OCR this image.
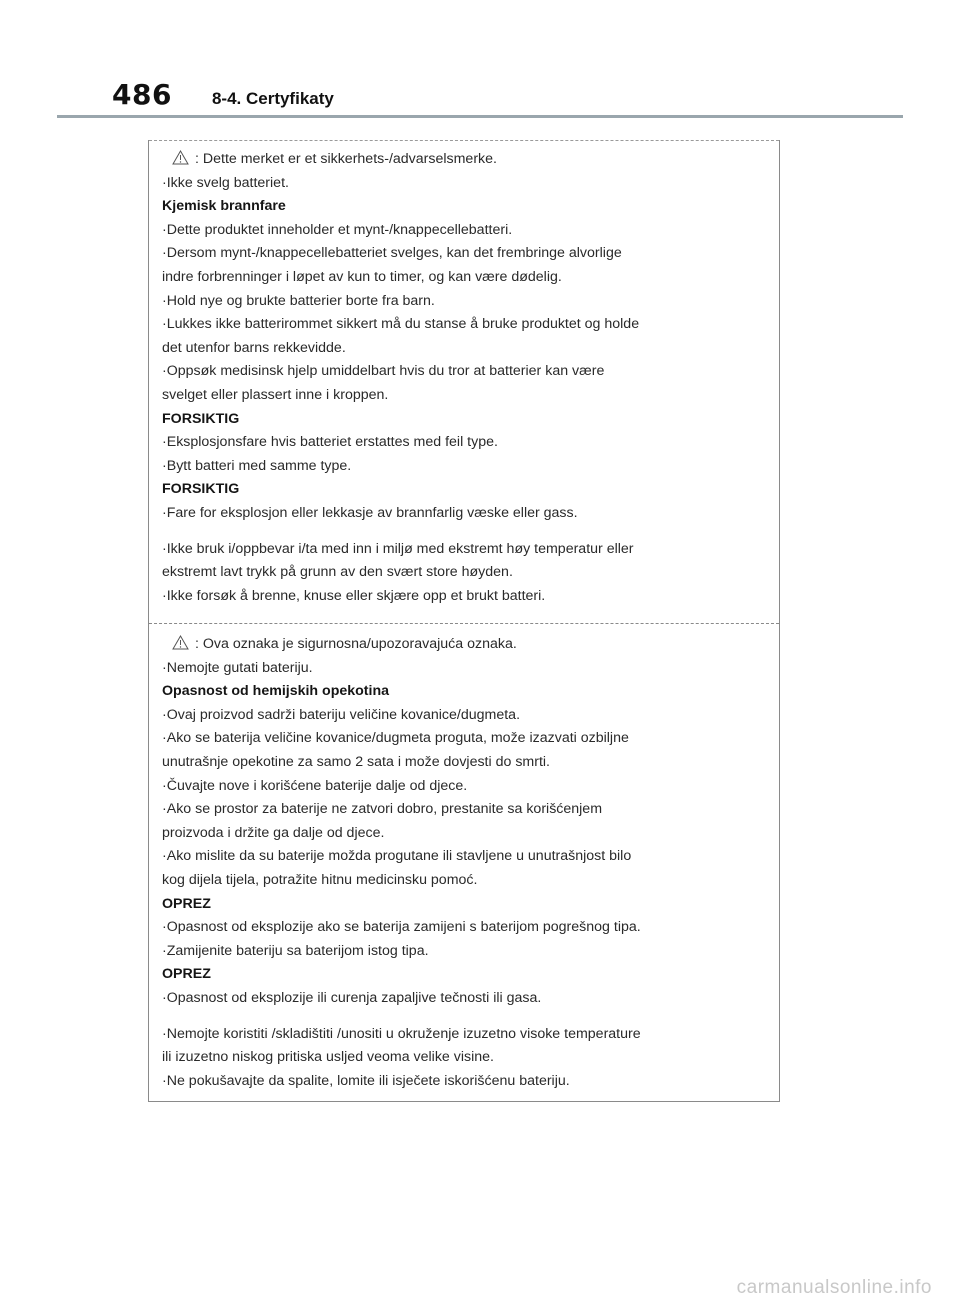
486 8-4. Certyfikaty
: Dette merket er et sikkerhets-/advarselsmerke.
·Ikke svelg batteriet.
Kjemisk brannfare
·Dette produktet inneholder et mynt-/knappecellebatteri.
·Dersom mynt-/knappecellebatteriet svelges, kan det frembringe alvorlige
indre forbrenninger i løpet av kun to timer, og kan være dødelig.
·Hold nye og brukte batterier borte fra barn.
·Lukkes ikke batterirommet sikkert må du stanse å bruke produktet og holde
det utenfor barns rekkevidde.
·Oppsøk medisinsk hjelp umiddelbart hvis du tror at batterier kan være
svelget eller plassert inne i kroppen.
FORSIKTIG
·Eksplosjonsfare hvis batteriet erstattes med feil type.
·Bytt batteri med samme type.
FORSIKTIG
·Fare for eksplosjon eller lekkasje av brannfarlig væske eller gass.
·Ikke bruk i/oppbevar i/ta med inn i miljø med ekstremt høy temperatur eller
ekstremt lavt trykk på grunn av den svært store høyden.
·Ikke forsøk å brenne, knuse eller skjære opp et brukt batteri.
: Ova oznaka je sigurnosna/upozoravajuća oznaka.
·Nemojte gutati bateriju.
Opasnost od hemijskih opekotina
·Ovaj proizvod sadrži bateriju veličine kovanice/dugmeta.
·Ako se baterija veličine kovanice/dugmeta proguta, može izazvati ozbiljne
unutrašnje opekotine za samo 2 sata i može dovjesti do smrti.
·Čuvajte nove i korišćene baterije dalje od djece.
·Ako se prostor za baterije ne zatvori dobro, prestanite sa korišćenjem
proizvoda i držite ga dalje od djece.
·Ako mislite da su baterije možda progutane ili stavljene u unutrašnjost bilo
kog dijela tijela, potražite hitnu medicinsku pomoć.
OPREZ
·Opasnost od eksplozije ako se baterija zamijeni s baterijom pogrešnog tipa.
·Zamijenite bateriju sa baterijom istog tipa.
OPREZ
·Opasnost od eksplozije ili curenja zapaljive tečnosti ili gasa.
·Nemojte koristiti /skladištiti /unositi u okruženje izuzetno visoke temperature
ili izuzetno niskog pritiska usljed veoma velike visine.
·Ne pokušavajte da spalite, lomite ili isječete iskorišćenu bateriju.
carmanualsonline.info
